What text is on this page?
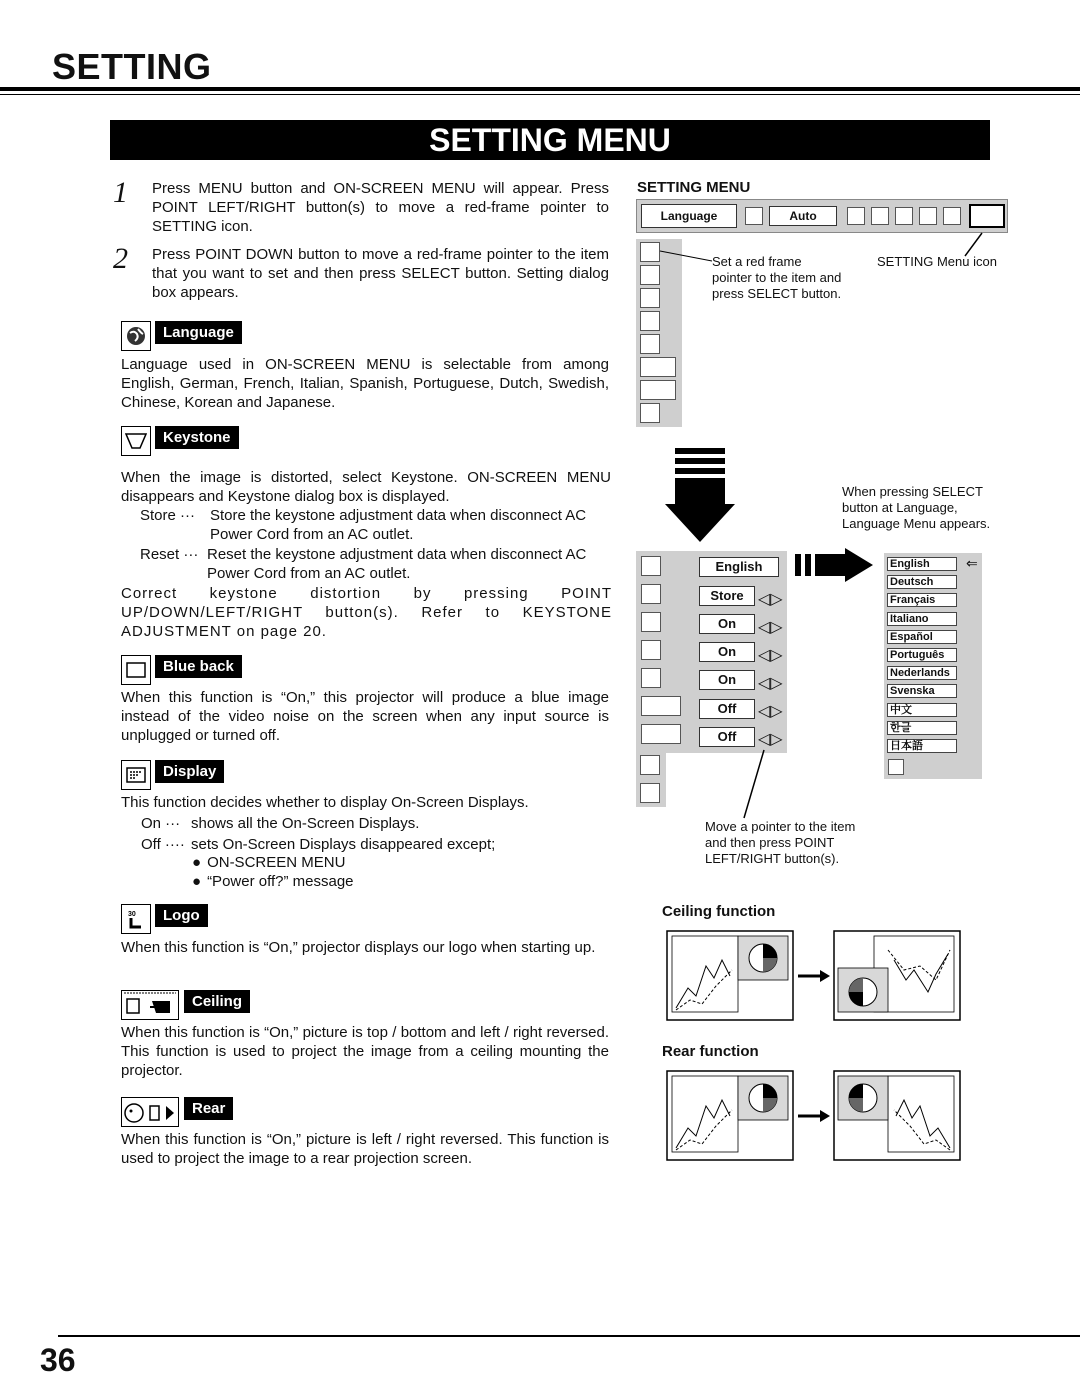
SETTING
SETTING MENU
1 Press MENU button and ON-SCREEN MENU will appear. Press POINT LEFT/RIGHT button(s) to move a red-frame pointer to SETTING icon.
2 Press POINT DOWN button to move a red-frame pointer to the item that you want to set and then press SELECT button. Setting dialog box appears.
Language
Language used in ON-SCREEN MENU is selectable from among English, German, French, Italian, Spanish, Portuguese, Dutch, Swedish, Chinese, Korean and Japanese.
Keystone
When the image is distorted, select Keystone. ON-SCREEN MENU disappears and Keystone dialog box is displayed.
Store ··· Store the keystone adjustment data when disconnect AC Power Cord from an AC outlet.
Reset ··· Reset the keystone adjustment data when disconnect AC Power Cord from an AC outlet.
Correct keystone distortion by pressing POINT UP/DOWN/LEFT/RIGHT button(s). Refer to KEYSTONE ADJUSTMENT on page 20.
Blue back
When this function is “On,” this projector will produce a blue image instead of the video noise on the screen when any input source is unplugged or turned off.
Display
This function decides whether to display On-Screen Displays.
On ··· shows all the On-Screen Displays.
Off ···· sets On-Screen Displays disappeared except;
● ON-SCREEN MENU
● “Power off?” message
30	Logo
When this function is “On,” projector displays our logo when starting up.
Ceiling
When this function is “On,” picture is top / bottom and left / right reversed. This function is used to project the image from a ceiling mounting the projector.
Rear
When this function is “On,” picture is left / right reversed. This function is used to project the image to a rear projection screen.
SETTING MENU
Language	Auto
Set a red frame pointer to the item and press SELECT button.
SETTING Menu icon
When pressing SELECT button at Language, Language Menu appears.
English
Store
On
On
On
Off
Off
◁▷
◁▷
◁▷
◁▷
◁▷
◁▷
English
Deutsch
Français
Italiano
Español
Português
Nederlands
Svenska
中文
한글
日本語
⇐
Move a pointer to the item and then press POINT LEFT/RIGHT button(s).
Ceiling function
Rear function
36
